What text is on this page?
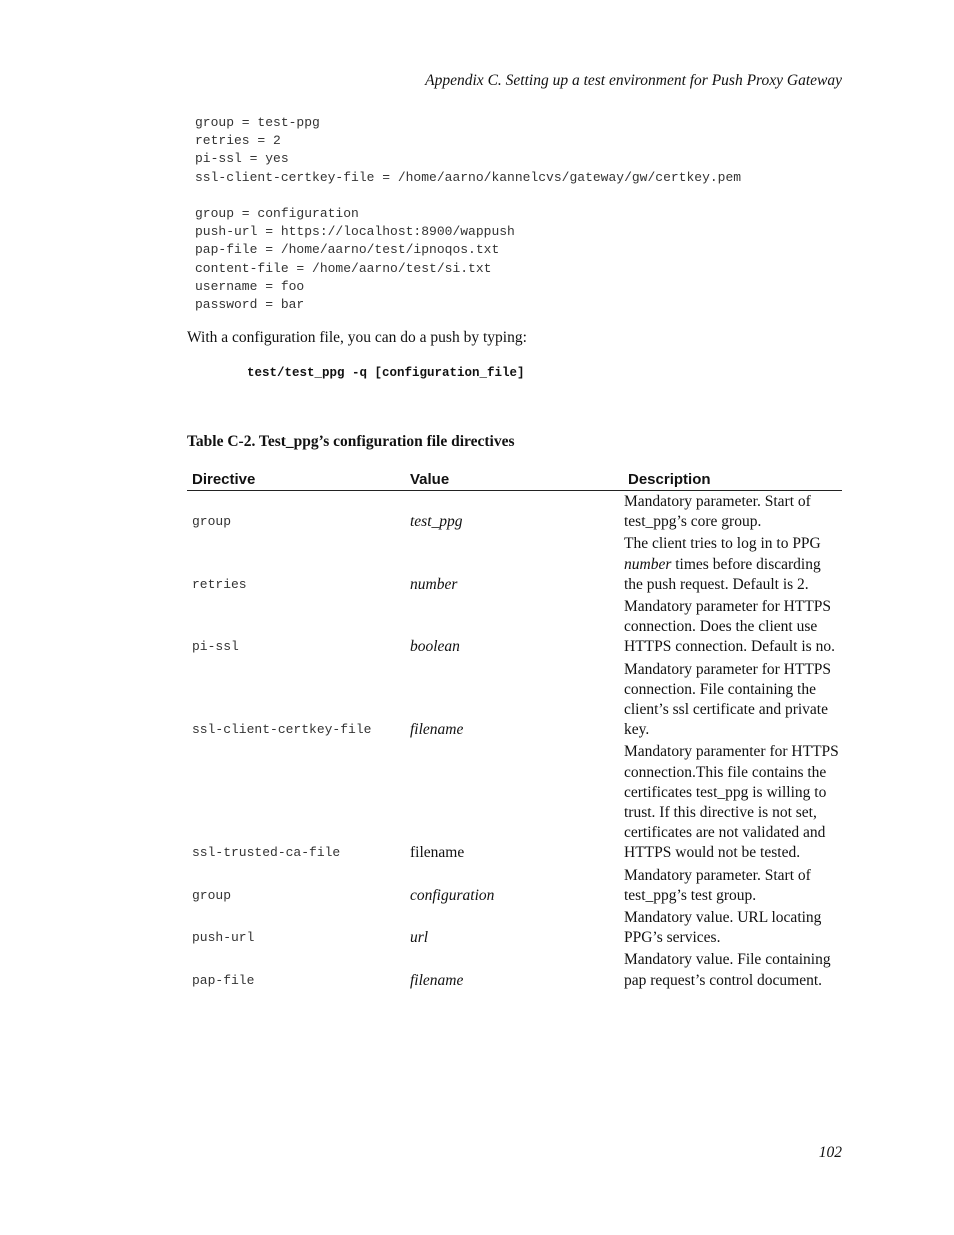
Appendix C. Setting up a test environment for Push Proxy Gateway
group = test-ppg
retries = 2
pi-ssl = yes
ssl-client-certkey-file = /home/aarno/kannelcvs/gateway/gw/certkey.pem
group = configuration
push-url = https://localhost:8900/wappush
pap-file = /home/aarno/test/ipnoqos.txt
content-file = /home/aarno/test/si.txt
username = foo
password = bar
With a configuration file, you can do a push by typing:
test/test_ppg -q [configuration_file]
Table C-2. Test_ppg’s configuration file directives
Directive	Value	Description
group	test_ppg	Mandatory parameter. Start of test_ppg’s core group.
retries	number	The client tries to log in to PPG number times before discarding the push request. Default is 2.
pi-ssl	boolean	Mandatory parameter for HTTPS connection. Does the client use HTTPS connection. Default is no.
ssl-client-certkey-file	filename	Mandatory parameter for HTTPS connection. File containing the client’s ssl certificate and private key.
ssl-trusted-ca-file	filename	Mandatory paramenter for HTTPS connection.This file contains the certificates test_ppg is willing to trust. If this directive is not set, certificates are not validated and HTTPS would not be tested.
group	configuration	Mandatory parameter. Start of test_ppg’s test group.
push-url	url	Mandatory value. URL locating PPG’s services.
pap-file	filename	Mandatory value. File containing pap request’s control document.
102
